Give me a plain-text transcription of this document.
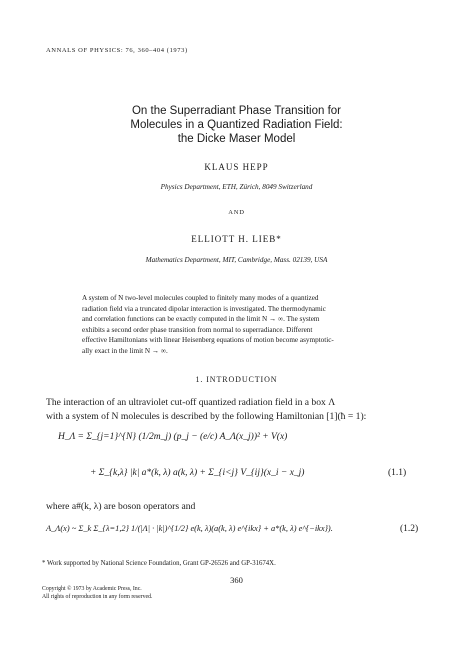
ANNALS OF PHYSICS: 76, 360–404 (1973)
On the Superradiant Phase Transition for
Molecules in a Quantized Radiation Field:
the Dicke Maser Model
KLAUS HEPP
Physics Department, ETH, Zürich, 8049 Switzerland
AND
ELLIOTT H. LIEB*
Mathematics Department, MIT, Cambridge, Mass. 02139, USA
A system of N two-level molecules coupled to finitely many modes of a quantized
radiation field via a truncated dipolar interaction is investigated. The thermodynamic
and correlation functions can be exactly computed in the limit N → ∞. The system
exhibits a second order phase transition from normal to superradiance. Different
effective Hamiltonians with linear Heisenberg equations of motion become asymptotic-
ally exact in the limit N → ∞.
1. INTRODUCTION
The interaction of an ultraviolet cut-off quantized radiation field in a box Λ
with a system of N molecules is described by the following Hamiltonian [1](ħ = 1):
H_Λ = Σ_{j=1}^{N} (1/2m_j) (p_j − (e/c) A_Λ(x_j))² + V(x)
+ Σ_{k,λ} |k| a*(k, λ) a(k, λ) + Σ_{i<j} V_{ij}(x_i − x_j)	(1.1)
where a#(k, λ) are boson operators and
A_Λ(x) ~ Σ_k Σ_{λ=1,2} 1/(|Λ| · |k|)^{1/2} e(k, λ)(a(k, λ) e^{ikx} + a*(k, λ) e^{−ikx}).	(1.2)
* Work supported by National Science Foundation, Grant GP-26526 and GP-31674X.
360
Copyright © 1973 by Academic Press, Inc.
All rights of reproduction in any form reserved.
